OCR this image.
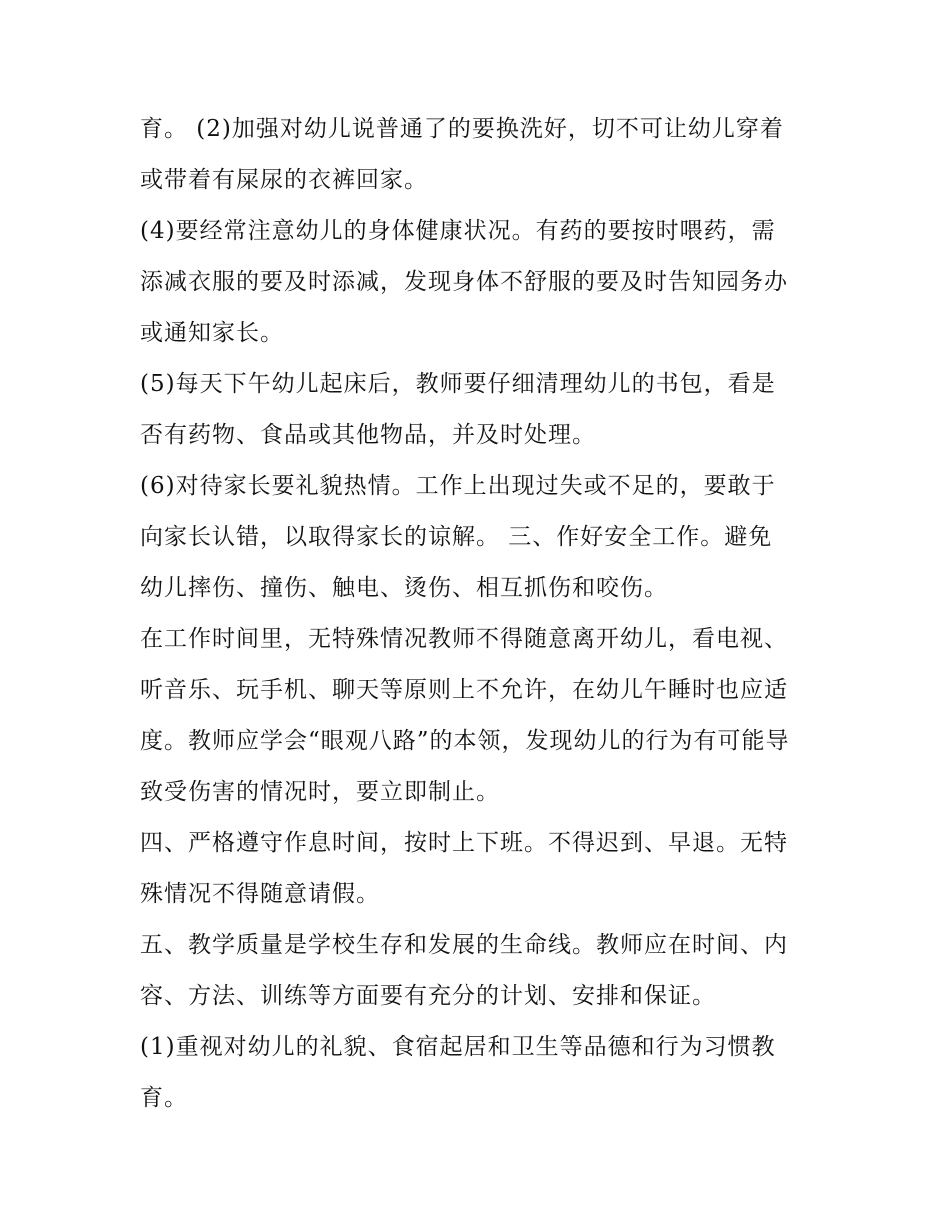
育。 (2)加强对幼儿说普通了的要换洗好，切不可让幼儿穿着
或带着有屎尿的衣裤回家。

(4)要经常注意幼儿的身体健康状况。有药的要按时喂药，需
添减衣服的要及时添减，发现身体不舒服的要及时告知园务办
或通知家长。

(5)每天下午幼儿起床后，教师要仔细清理幼儿的书包，看是
否有药物、食品或其他物品，并及时处理。

(6)对待家长要礼貌热情。工作上出现过失或不足的，要敢于
向家长认错，以取得家长的谅解。 三、作好安全工作。避免
幼儿摔伤、撞伤、触电、烫伤、相互抓伤和咬伤。

在工作时间里，无特殊情况教师不得随意离开幼儿，看电视、
听音乐、玩手机、聊天等原则上不允许，在幼儿午睡时也应适
度。教师应学会“眼观八路”的本领，发现幼儿的行为有可能导
致受伤害的情况时，要立即制止。

四、严格遵守作息时间，按时上下班。不得迟到、早退。无特
殊情况不得随意请假。

五、教学质量是学校生存和发展的生命线。教师应在时间、内
容、方法、训练等方面要有充分的计划、安排和保证。

(1)重视对幼儿的礼貌、食宿起居和卫生等品德和行为习惯教
育。
